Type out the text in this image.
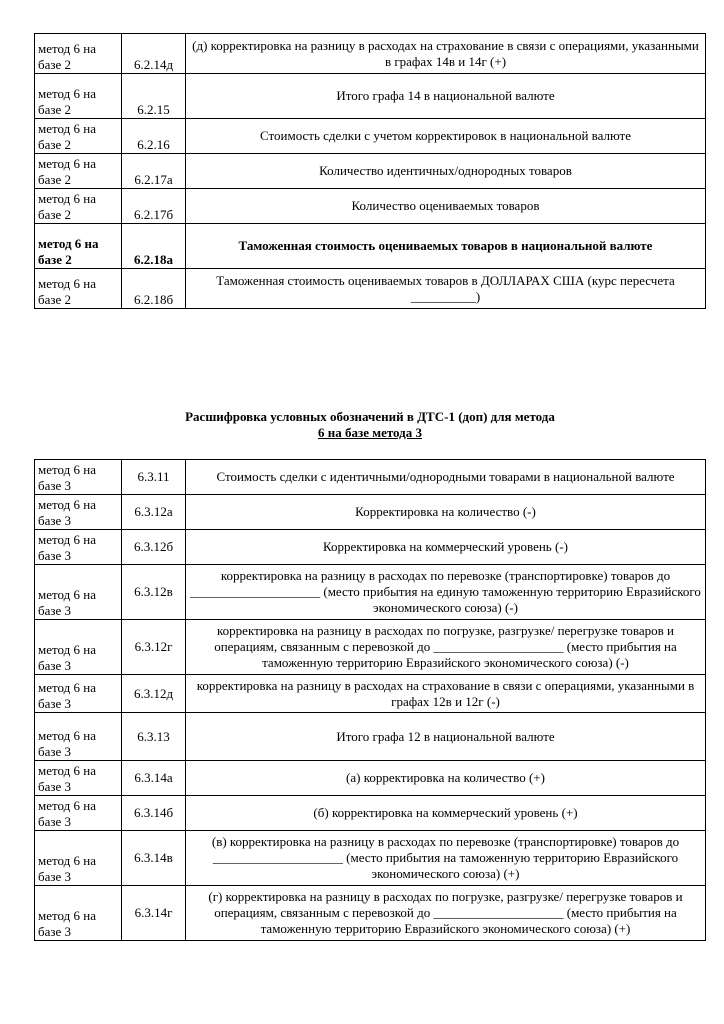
метод 6 на базе 2	6.2.14д	(д) корректировка на разницу в расходах на страхование в связи с операциями, указанными в графах 14в и 14г (+)
метод 6 на базе 2	6.2.15	Итого графа 14 в национальной валюте
метод 6 на базе 2	6.2.16	Стоимость сделки с учетом корректировок в национальной валюте
метод 6 на базе 2	6.2.17а	Количество идентичных/однородных товаров
метод 6 на базе 2	6.2.17б	Количество оцениваемых товаров
метод 6 на базе 2	6.2.18а	Таможенная стоимость оцениваемых товаров в национальной валюте
метод 6 на базе 2	6.2.18б	Таможенная стоимость оцениваемых товаров в ДОЛЛАРАХ США (курс пересчета __________)
Расшифровка условных обозначений в ДТС-1 (доп) для метода
6 на базе метода 3
метод 6 на базе 3	6.3.11	Стоимость сделки с идентичными/однородными товарами в национальной валюте
метод 6 на базе 3	6.3.12а	Корректировка на количество (-)
метод 6 на базе 3	6.3.12б	Корректировка на коммерческий уровень (-)
метод 6 на базе 3	6.3.12в	корректировка на разницу в расходах по перевозке (транспортировке) товаров до ____________________ (место прибытия на единую таможенную территорию Евразийского экономического союза) (-)
метод 6 на базе 3	6.3.12г	корректировка на разницу в расходах по погрузке, разгрузке/ перегрузке товаров и операциям, связанным с перевозкой до ____________________ (место прибытия на таможенную территорию Евразийского экономического союза) (-)
метод 6 на базе 3	6.3.12д	корректировка на разницу в расходах на страхование в связи с операциями, указанными в графах 12в и 12г (-)
метод 6 на базе 3	6.3.13	Итого графа 12 в национальной валюте
метод 6 на базе 3	6.3.14а	(а) корректировка на количество (+)
метод 6 на базе 3	6.3.14б	(б) корректировка на коммерческий уровень (+)
метод 6 на базе 3	6.3.14в	(в) корректировка на разницу в расходах по перевозке (транспортировке) товаров до ____________________ (место прибытия на таможенную территорию Евразийского экономического союза) (+)
метод 6 на базе 3	6.3.14г	(г) корректировка на разницу в расходах по погрузке, разгрузке/ перегрузке товаров и операциям, связанным с перевозкой до ____________________ (место прибытия на таможенную территорию Евразийского экономического союза) (+)
